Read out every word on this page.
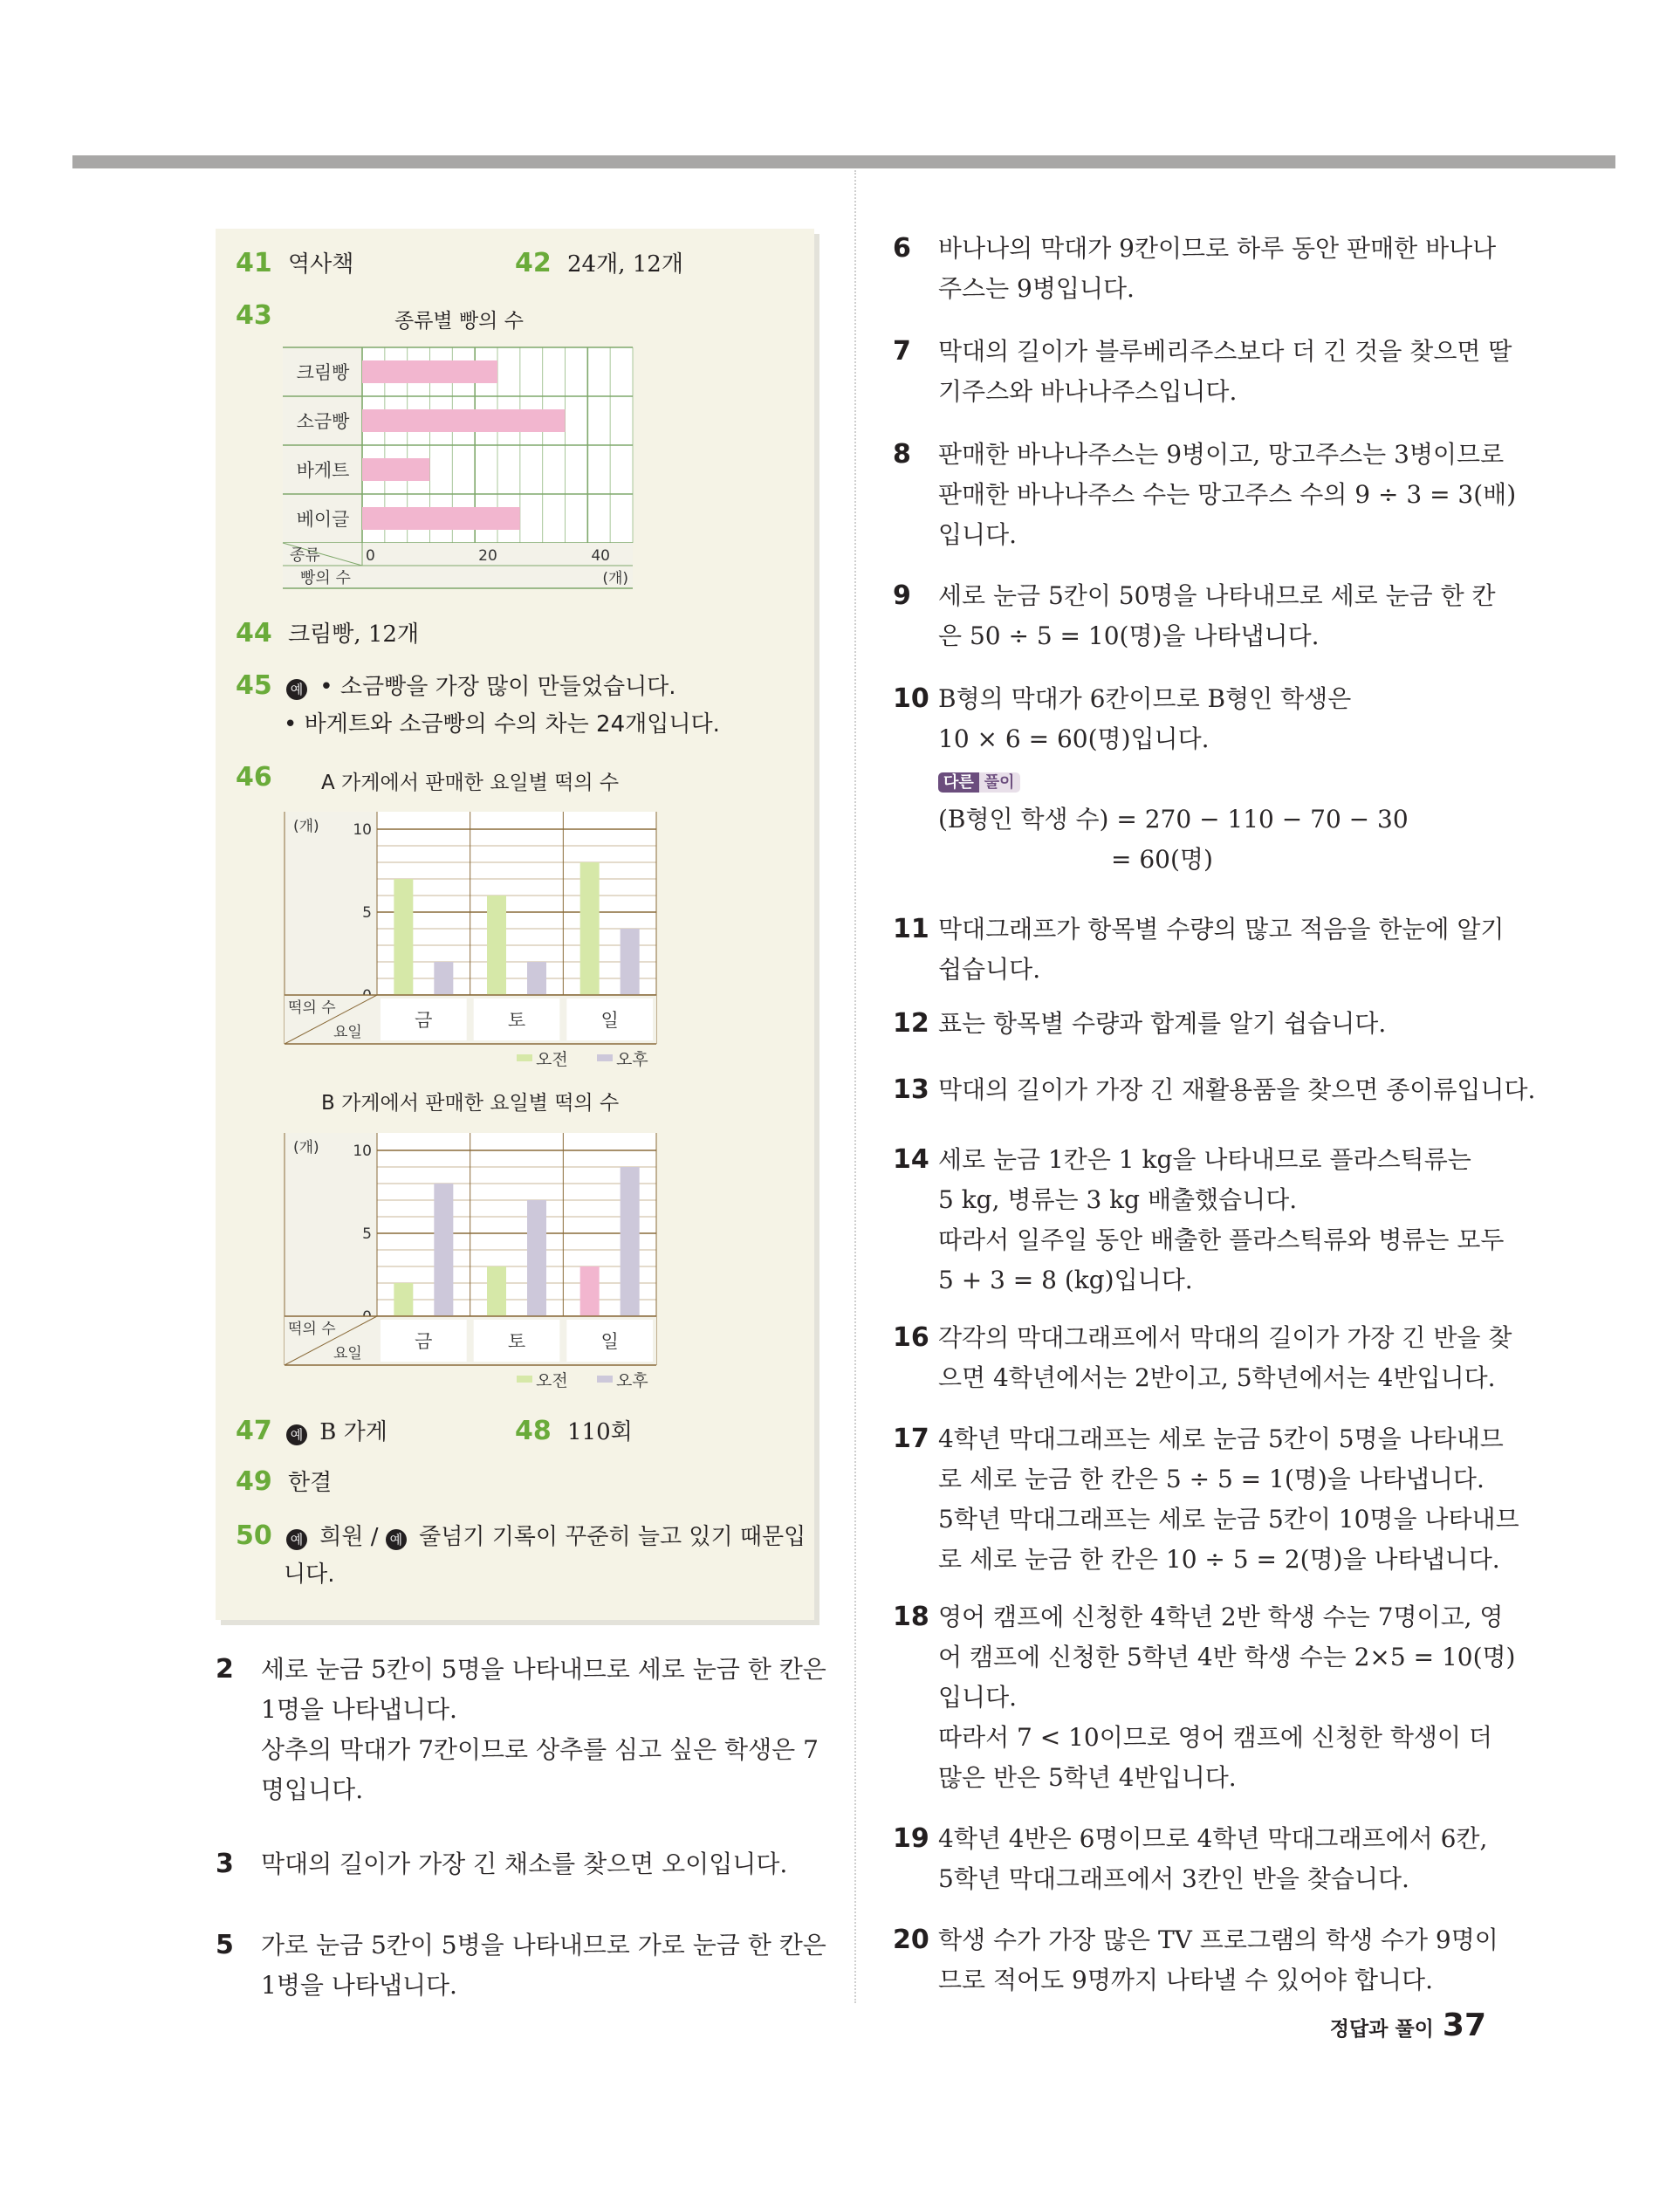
41 역사책	42 24개, 12개
43	종류별 빵의 수
크림빵
소금빵
바게트
베이글
종류
빵의 수
0	20	40
(개)
44 크림빵, 12개
45 예 • 소금빵을 가장 많이 만들었습니다.
• 바게트와 소금빵의 수의 차는 24개입니다.
46 A 가게에서 판매한 요일별 떡의 수
(개)
5
10
떡의 수
요일
금	토	일
오전	오후
B 가게에서 판매한 요일별 떡의 수
(개)
5
10
떡의 수
요일
금	토	일
오전	오후
47 예 B 가게	48 110회
49 한결
50 예 희원 / 예 줄넘기 기록이 꾸준히 늘고 있기 때문입
니다.
2 세로 눈금 5칸이 5명을 나타내므로 세로 눈금 한 칸은
1명을 나타냅니다.
상추의 막대가 7칸이므로 상추를 심고 싶은 학생은 7
명입니다.
3 막대의 길이가 가장 긴 채소를 찾으면 오이입니다.
5 가로 눈금 5칸이 5병을 나타내므로 가로 눈금 한 칸은
1병을 나타냅니다.
6 바나나의 막대가 9칸이므로 하루 동안 판매한 바나나
주스는 9병입니다.
7 막대의 길이가 블루베리주스보다 더 긴 것을 찾으면 딸
기주스와 바나나주스입니다.
8 판매한 바나나주스는 9병이고, 망고주스는 3병이므로
판매한 바나나주스 수는 망고주스 수의 9 ÷ 3 = 3(배)
입니다.
9 세로 눈금 5칸이 50명을 나타내므로 세로 눈금 한 칸
은 50 ÷ 5 = 10(명)을 나타냅니다.
10 B형의 막대가 6칸이므로 B형인 학생은
10 × 6 = 60(명)입니다.
다른 풀이
(B형인 학생 수) = 270 − 110 − 70 − 30
= 60(명)
11 막대그래프가 항목별 수량의 많고 적음을 한눈에 알기
쉽습니다.
12 표는 항목별 수량과 합계를 알기 쉽습니다.
13 막대의 길이가 가장 긴 재활용품을 찾으면 종이류입니다.
14 세로 눈금 1칸은 1 kg을 나타내므로 플라스틱류는
5 kg, 병류는 3 kg 배출했습니다.
따라서 일주일 동안 배출한 플라스틱류와 병류는 모두
5 + 3 = 8 (kg)입니다.
16 각각의 막대그래프에서 막대의 길이가 가장 긴 반을 찾
으면 4학년에서는 2반이고, 5학년에서는 4반입니다.
17 4학년 막대그래프는 세로 눈금 5칸이 5명을 나타내므
로 세로 눈금 한 칸은 5 ÷ 5 = 1(명)을 나타냅니다.
5학년 막대그래프는 세로 눈금 5칸이 10명을 나타내므
로 세로 눈금 한 칸은 10 ÷ 5 = 2(명)을 나타냅니다.
18 영어 캠프에 신청한 4학년 2반 학생 수는 7명이고, 영
어 캠프에 신청한 5학년 4반 학생 수는 2×5 = 10(명)
입니다.
따라서 7 < 10이므로 영어 캠프에 신청한 학생이 더
많은 반은 5학년 4반입니다.
19 4학년 4반은 6명이므로 4학년 막대그래프에서 6칸,
5학년 막대그래프에서 3칸인 반을 찾습니다.
20 학생 수가 가장 많은 TV 프로그램의 학생 수가 9명이
므로 적어도 9명까지 나타낼 수 있어야 합니다.
정답과 풀이 37
